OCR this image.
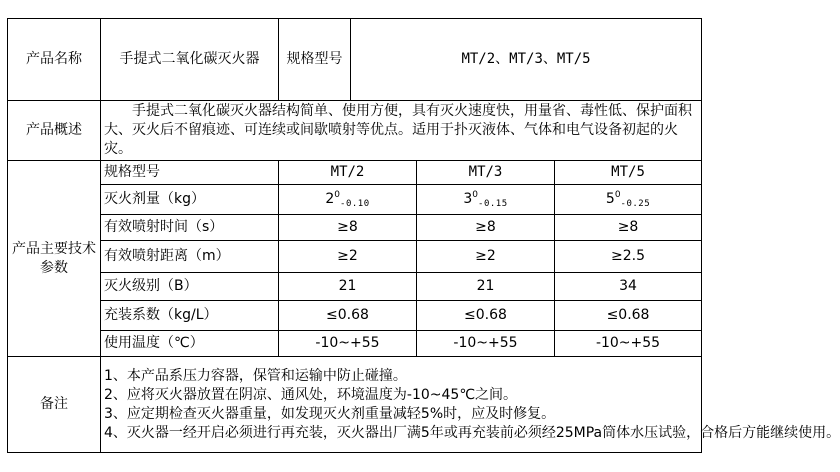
产品名称	手提式二氧化碳灭火器	规格型号	MT/2、MT/3、MT/5		
产品概述	手提式二氧化碳灭火器结构简单、使用方便，具有灭火速度快，用量省、毒性低、保护面积大、灭火后不留痕迹、可连续或间歇喷射等优点。适用于扑灭液体、气体和电气设备初起的火灾。				
产品主要技术参数	规格型号	MT/2		MT/3	MT/5
	灭火剂量（kg）	$2^0_{-0.10}$		$3^0_{-0.15}$	$5^0_{-0.25}$
	有效喷射时间（s）	≥8		≥8	≥8
	有效喷射距离（m）	≥2		≥2	≥2.5
	灭火级别（B）	21		21	34
	充装系数（kg/L）	≤0.68		≤0.68	≤0.68
	使用温度（℃）	-10~+55		-10~+55	-10~+55
备注	1、本产品系压力容器，保管和运输中防止碰撞。
2、应将灭火器放置在阴凉、通风处，环境温度为-10~45℃之间。
3、应定期检查灭火器重量，如发现灭火剂重量减轻5%时，应及时修复。
4、灭火器一经开启必须进行再充装，灭火器出厂满5年或再充装前必须经25MPa筒体水压试验，合格后方能继续使用。				
